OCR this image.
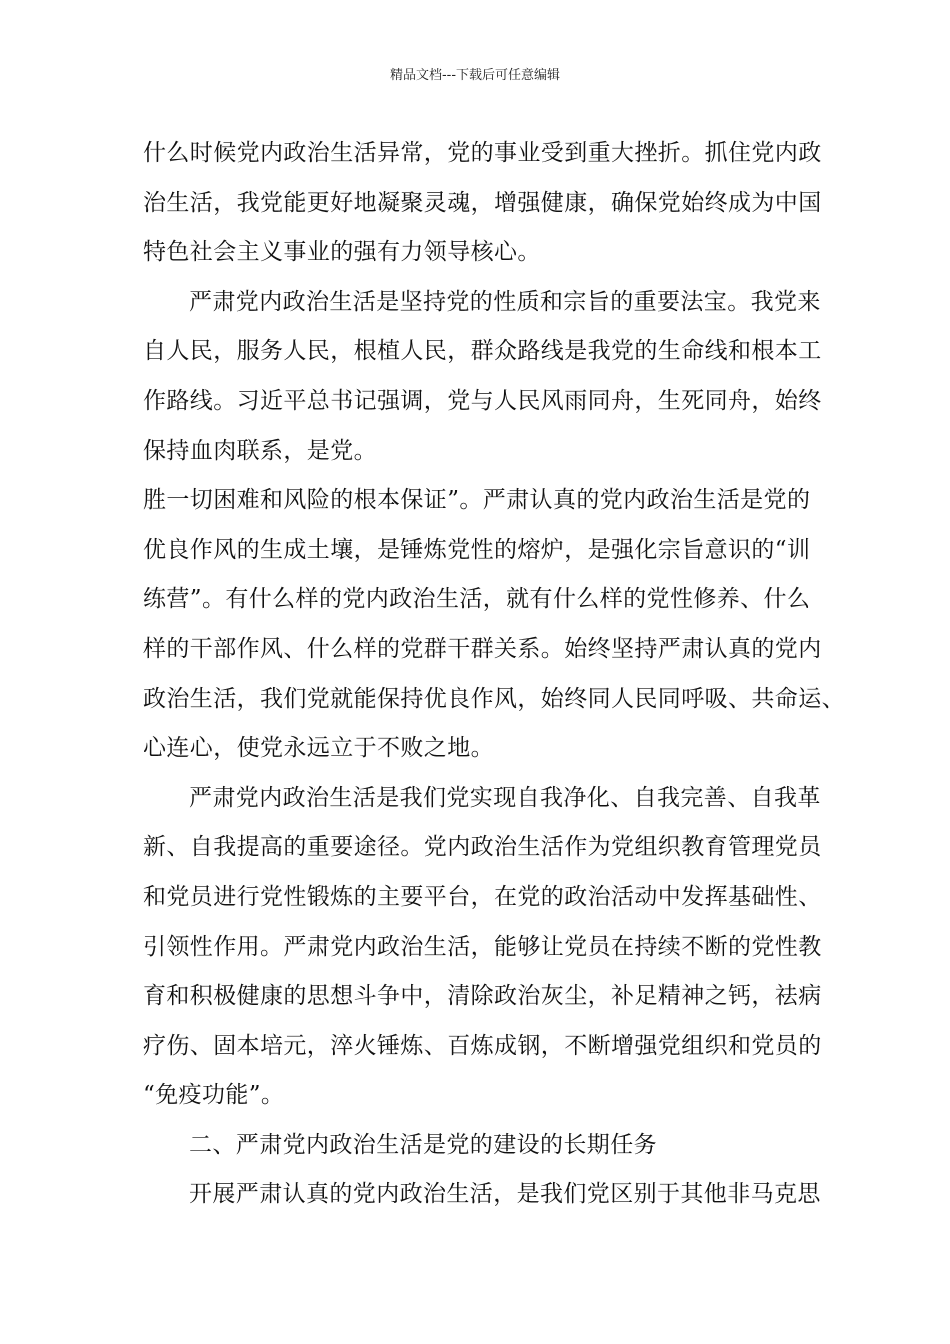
精品文档---下载后可任意编辑
什么时候党内政治生活异常，党的事业受到重大挫折。抓住党内政
治生活，我党能更好地凝聚灵魂，增强健康，确保党始终成为中国
特色社会主义事业的强有力领导核心。
严肃党内政治生活是坚持党的性质和宗旨的重要法宝。我党来
自人民，服务人民，根植人民，群众路线是我党的生命线和根本工
作路线。习近平总书记强调，党与人民风雨同舟，生死同舟，始终
保持血肉联系，是党。
胜一切困难和风险的根本保证”。严肃认真的党内政治生活是党的
优良作风的生成土壤，是锤炼党性的熔炉，是强化宗旨意识的“训
练营”。有什么样的党内政治生活，就有什么样的党性修养、什么
样的干部作风、什么样的党群干群关系。始终坚持严肃认真的党内
政治生活，我们党就能保持优良作风，始终同人民同呼吸、共命运、
心连心，使党永远立于不败之地。
严肃党内政治生活是我们党实现自我净化、自我完善、自我革
新、自我提高的重要途径。党内政治生活作为党组织教育管理党员
和党员进行党性锻炼的主要平台，在党的政治活动中发挥基础性、
引领性作用。严肃党内政治生活，能够让党员在持续不断的党性教
育和积极健康的思想斗争中，清除政治灰尘，补足精神之钙，祛病
疗伤、固本培元，淬火锤炼、百炼成钢，不断增强党组织和党员的
“免疫功能”。
二、严肃党内政治生活是党的建设的长期任务
开展严肃认真的党内政治生活，是我们党区别于其他非马克思
